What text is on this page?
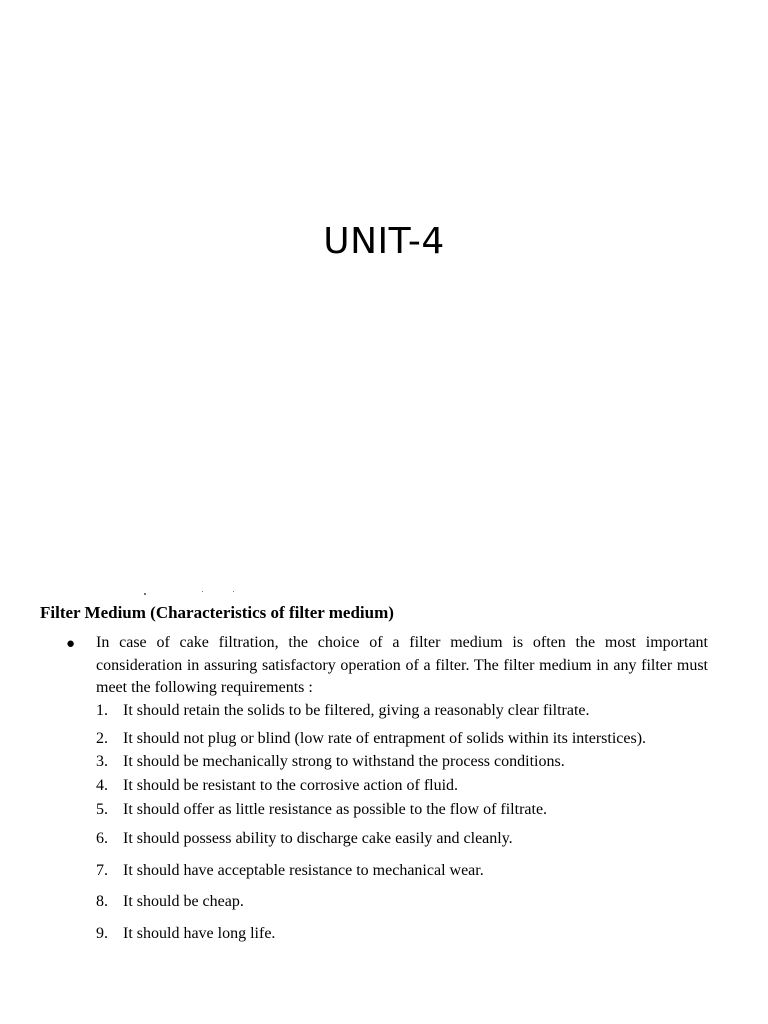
UNIT-4
Filter Medium (Characteristics of filter medium)
● In case of cake filtration, the choice of a filter medium is often the most important consideration in assuring satisfactory operation of a filter. The filter medium in any filter must meet the following requirements :
1. It should retain the solids to be filtered, giving a reasonably clear filtrate.
2. It should not plug or blind (low rate of entrapment of solids within its interstices).
3. It should be mechanically strong to withstand the process conditions.
4. It should be resistant to the corrosive action of fluid.
5. It should offer as little resistance as possible to the flow of filtrate.
6. It should possess ability to discharge cake easily and cleanly.
7. It should have acceptable resistance to mechanical wear.
8. It should be cheap.
9. It should have long life.
